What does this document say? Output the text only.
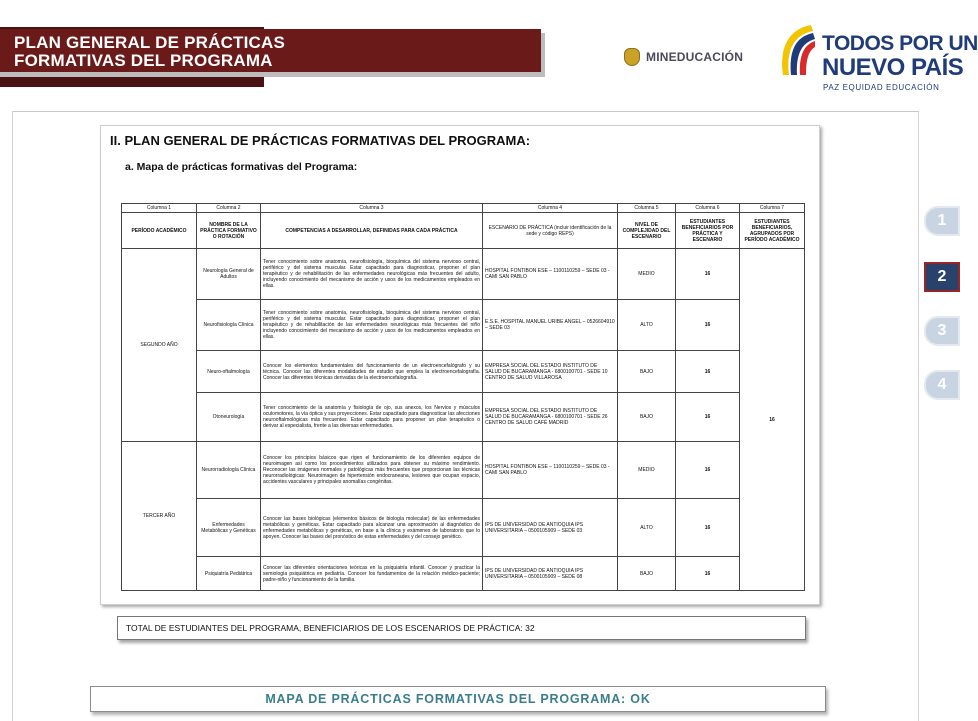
PLAN GENERAL DE PRÁCTICAS
FORMATIVAS DEL PROGRAMA	MINEDUCACIÓN
TODOS POR UN
NUEVO PAÍS
PAZ EQUIDAD EDUCACIÓN
II. PLAN GENERAL DE PRÁCTICAS FORMATIVAS DEL PROGRAMA:
a. Mapa de prácticas formativas del Programa:
Columna 1	Columna 2	Columna 3	Columna 4	Columna 5	Columna 6	Columna 7
PERÍODO ACADÉMICO	NOMBRE DE LA PRÁCTICA FORMATIVO O ROTACIÓN	COMPETENCIAS A DESARROLLAR, DEFINIDAS PARA CADA PRÁCTICA	ESCENARIO DE PRÁCTICA (incluir identificación de la sede y código REPS)	NIVEL DE COMPLEJIDAD DEL ESCENARIO	ESTUDIANTES BENEFICIARIOS POR PRÁCTICA Y ESCENARIO	ESTUDIANTES BENEFICIARIOS, AGRUPADOS POR PERÍODO ACADÉMICO
SEGUNDO AÑO	Neurología General de Adultos	Tener conocimiento sobre anatomía, neurofisiología, bioquímica del sistema nervioso central, periférico y del sistema muscular. Estar capacitado para diagnosticar, proponer el plan terapéutico y de rehabilitación de las enfermedades neurológicas más frecuentes del adulto, incluyendo conocimiento del mecanismo de acción y usos de los medicamentos empleados en ellas.	HOSPITAL FONTIBON ESE – 1100110259 – SEDE 03 - CAMI SAN PABLO	MEDIO	16	16
	Neurofisiología Clínica	Tener conocimiento sobre anatomía, neurofisiología, bioquímica del sistema nervioso central, periférico y del sistema muscular. Estar capacitado para diagnosticar, proponer el plan terapéutico y de rehabilitación de las enfermedades neurológicas más frecuentes del niño incluyendo conocimiento del mecanismo de acción y usos de los medicamentos empleados en ellas.	E.S.E. HOSPITAL MANUEL URIBE ANGEL – 0526604910 – SEDE 03	ALTO	16	
	Neuro-oftalmología	Conocer los elementos fundamentales del funcionamiento de un electroencefalógrafo y su técnica. Conocer las diferentes modalidades de estudio que emplea la electroencefalografía. Conocer las diferentes técnicas derivadas de la electroencefalografía.	EMPRESA SOCIAL DEL ESTADO INSTITUTO DE SALUD DE BUCARAMANGA - 6800100701 - SEDE 10 CENTRO DE SALUD VILLAROSA	BAJO	16	
	Otoneurología	Tener conocimiento de la anatomía y fisiología de ojo, sus anexos, los Nervios y músculos oculomotores, la vía óptica y sus proyecciones. Estar capacitado para diagnosticar las afecciones neurooftalmológicas más frecuentes. Estar capacitado para proponer un plan terapéutico o derivar al especialista, frente a las diversas enfermedades.	EMPRESA SOCIAL DEL ESTADO INSTITUTO DE SALUD DE BUCARAMANGA - 6800100701 - SEDE 26 CENTRO DE SALUD CAFÉ MADRID	BAJO	16	
TERCER AÑO	Neurorradiología Clínica	Conocer los principios básicos que rigen el funcionamiento de los diferentes equipos de neuroimagen así como los procedimientos utilizados para obtener su máximo rendimiento. Reconocer las imágenes normales y patológicas más frecuentes que proporcionan las técnicas neurorradiológicas: Neuroimagen de hipertensión endocraneana, lesiones que ocupan espacio, accidentes vasculares y principales anomalías congénitas.	HOSPITAL FONTIBON ESE – 1100110259 – SEDE 03 - CAMI SAN PABLO	MEDIO	16	
	Enfermedades Metabólicas y Genéticas	Conocer las bases biológicas (elementos básicos de biología molecular) de las enfermedades metabólicas y genéticas. Estar capacitado para alcanzar una aproximación al diagnóstico de enfermedades metabólicas y genéticas, en base a la clínica y exámenes de laboratorio que lo apoyen. Conocer las bases del pronóstico de estas enfermedades y del consejo genético.	IPS DE UNIVERSIDAD DE ANTIOQUIA IPS UNIVERSITARIA – 0500105909 – SEDE 03	ALTO	16	
	Psiquiatría Pediátrica	Conocer las diferentes orientaciones teóricas en la psiquiatría infantil. Conocer y practicar la semiología psiquiátrica en pediatría. Conocer los fundamentos de la relación médico-paciente; padre-niño y funcionamiento de la familia.	IPS DE UNIVERSIDAD DE ANTIOQUIA IPS UNIVERSITARIA – 0500105909 – SEDE 08	BAJO	16	
TOTAL DE ESTUDIANTES DEL PROGRAMA, BENEFICIARIOS DE LOS ESCENARIOS DE PRÁCTICA: 32
MAPA DE PRÁCTICAS FORMATIVAS DEL PROGRAMA: OK
1
2
3
4
